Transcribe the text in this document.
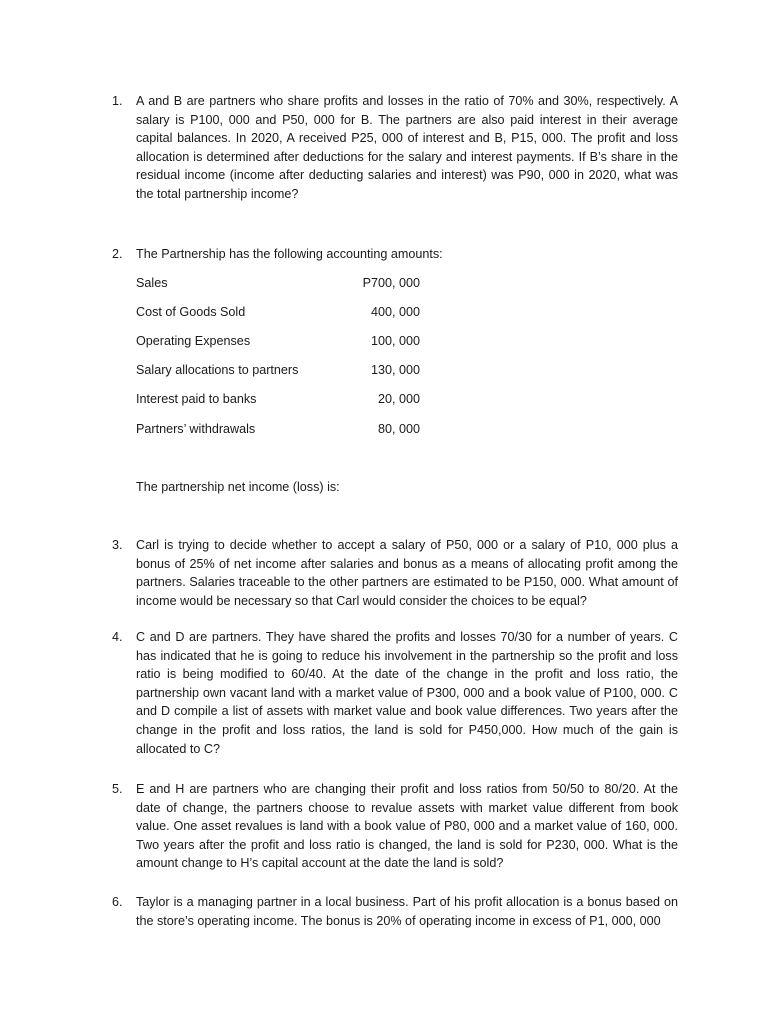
1. A and B are partners who share profits and losses in the ratio of 70% and 30%, respectively. A salary is P100, 000 and P50, 000 for B. The partners are also paid interest in their average capital balances. In 2020, A received P25, 000 of interest and B, P15, 000. The profit and loss allocation is determined after deductions for the salary and interest payments. If B’s share in the residual income (income after deducting salaries and interest) was P90, 000 in 2020, what was the total partnership income?
2. The Partnership has the following accounting amounts:
Sales	P700, 000
Cost of Goods Sold	400, 000
Operating Expenses	100, 000
Salary allocations to partners	130, 000
Interest paid to banks	20, 000
Partners’ withdrawals	80, 000
The partnership net income (loss) is:
3. Carl is trying to decide whether to accept a salary of P50, 000 or a salary of P10, 000 plus a bonus of 25% of net income after salaries and bonus as a means of allocating profit among the partners. Salaries traceable to the other partners are estimated to be P150, 000. What amount of income would be necessary so that Carl would consider the choices to be equal?
4. C and D are partners. They have shared the profits and losses 70/30 for a number of years. C has indicated that he is going to reduce his involvement in the partnership so the profit and loss ratio is being modified to 60/40. At the date of the change in the profit and loss ratio, the partnership own vacant land with a market value of P300, 000 and a book value of P100, 000. C and D compile a list of assets with market value and book value differences. Two years after the change in the profit and loss ratios, the land is sold for P450,000. How much of the gain is allocated to C?
5. E and H are partners who are changing their profit and loss ratios from 50/50 to 80/20. At the date of change, the partners choose to revalue assets with market value different from book value. One asset revalues is land with a book value of P80, 000 and a market value of 160, 000. Two years after the profit and loss ratio is changed, the land is sold for P230, 000. What is the amount change to H’s capital account at the date the land is sold?
6. Taylor is a managing partner in a local business. Part of his profit allocation is a bonus based on the store’s operating income. The bonus is 20% of operating income in excess of P1, 000, 000
